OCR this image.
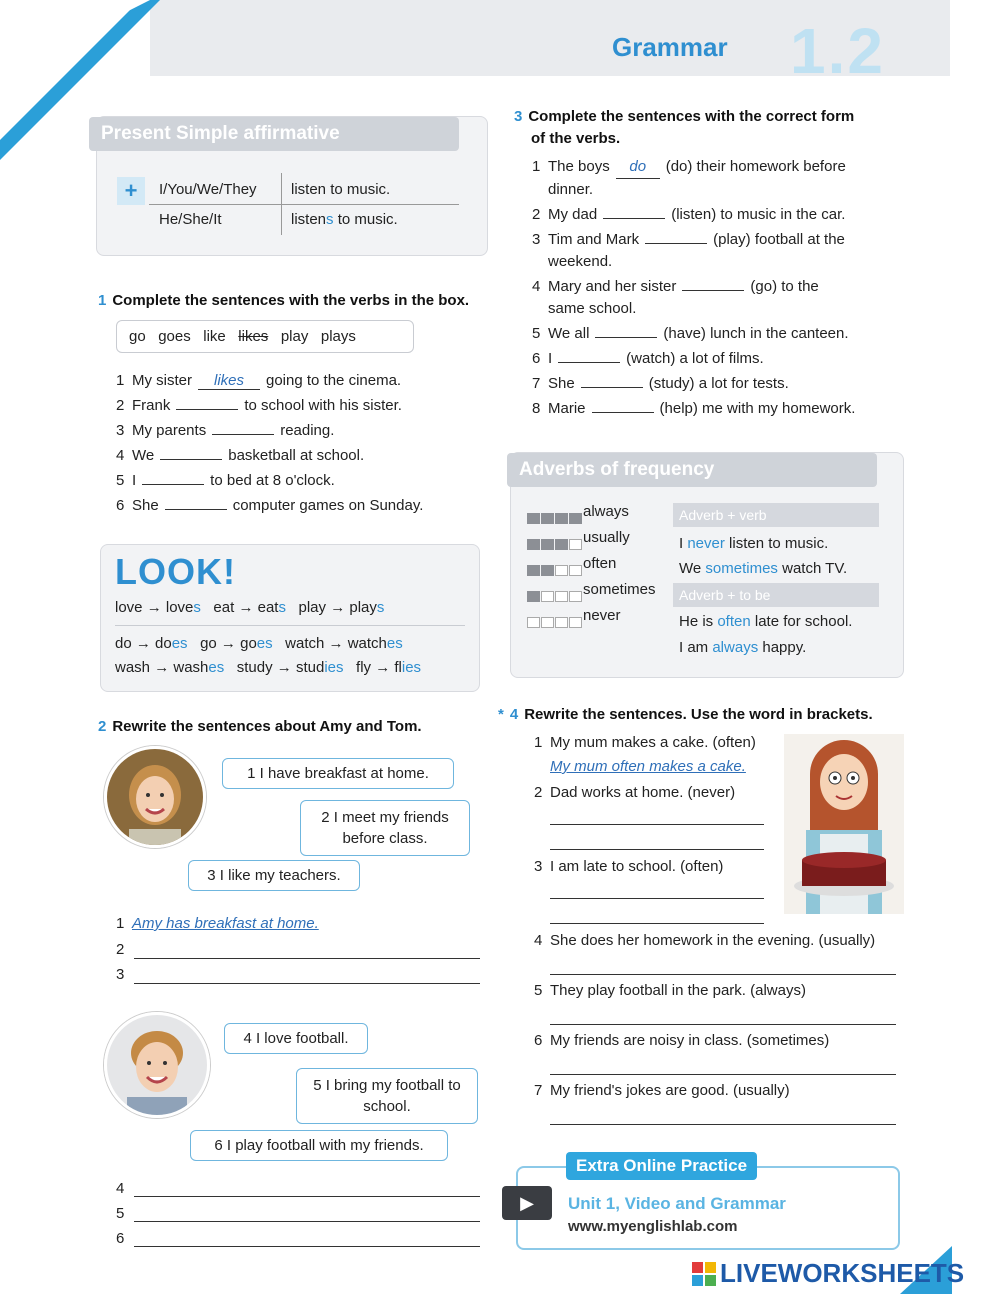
Grammar 1.2
Present Simple affirmative
+	I/You/We/They listen to music.
He/She/It	listens to music.
1 Complete the sentences with the verbs in the box.
go goes like likes play plays
1 My sister likes going to the cinema.
2 Frank	to school with his sister.
3 My parents	reading.
4 We	basketball at school.
5 I	to bed at 8 o'clock.
6 She	computer games on Sunday.
LOOK!
love → loves eat → eats play → plays
do → does go → goes watch → watches
wash → washes study → studies fly → flies
2 Rewrite the sentences about Amy and Tom.
1 I have breakfast at home.
2 I meet my friends before class.
3 I like my teachers.
1 Amy has breakfast at home.
2
3
4 I love football.
5 I bring my football to school.
6 I play football with my friends.
4
5
6
3 Complete the sentences with the correct form
of the verbs.
1 The boys do (do) their homework before
dinner.
2 My dad	(listen) to music in the car.
3 Tim and Mark	(play) football at the
weekend.
4 Mary and her sister	(go) to the
same school.
5 We all	(have) lunch in the canteen.
6 I	(watch) a lot of films.
7 She	(study) a lot for tests.
8 Marie	(help) me with my homework.
Adverbs of frequency
always
usually
often
sometimes
never
Adverb + verb
I never listen to music.
We sometimes watch TV.
Adverb + to be
He is often late for school.
I am always happy.
* 4 Rewrite the sentences. Use the word in brackets.
1 My mum makes a cake. (often)
My mum often makes a cake.
2 Dad works at home. (never)
3 I am late to school. (often)
4 She does her homework in the evening. (usually)
5 They play football in the park. (always)
6 My friends are noisy in class. (sometimes)
7 My friend's jokes are good. (usually)
Extra Online Practice
▶	Unit 1, Video and Grammar
www.myenglishlab.com
LIVEWORKSHEETS
